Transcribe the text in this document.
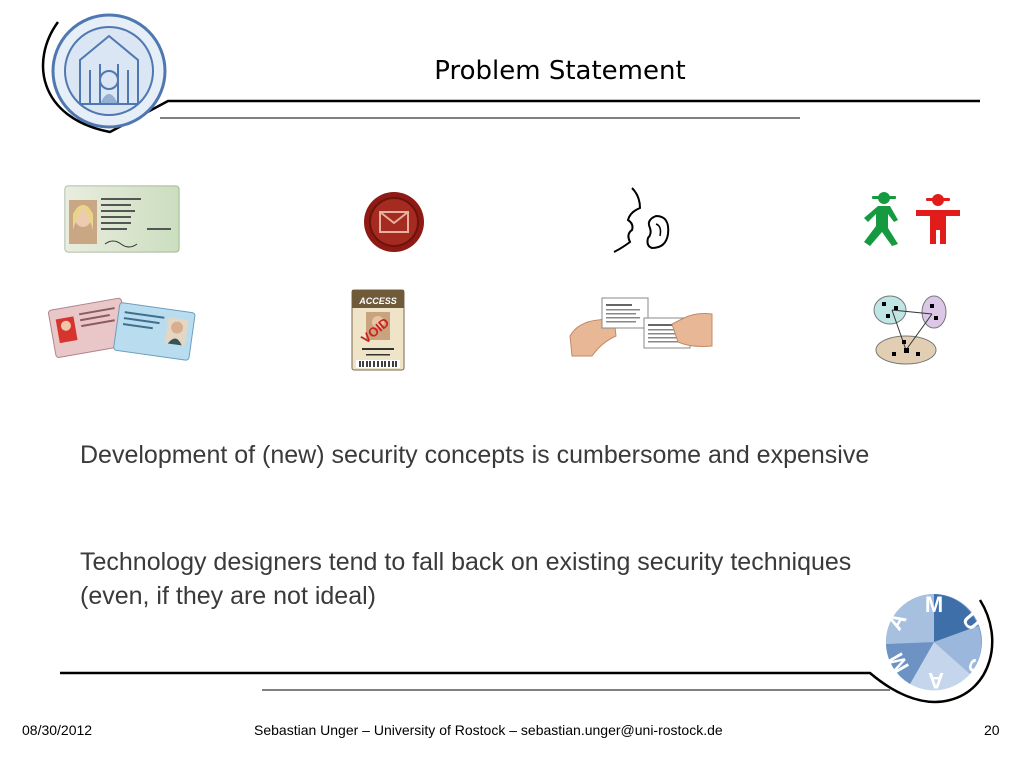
Problem Statement
ACCESS
VOID
Development of (new) security concepts is cumbersome and expensive
Technology designers tend to fall back on existing security techniques (even, if they are not ideal)	M
U
S
A
M
A
08/30/2012	Sebastian Unger – University of Rostock – sebastian.unger@uni-rostock.de	20
